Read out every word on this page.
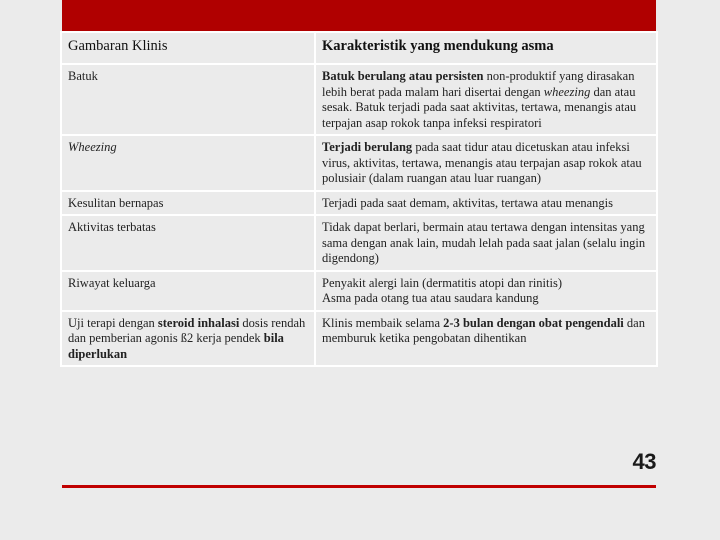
Gambaran Klinis	Karakteristik yang mendukung asma
Batuk	Batuk berulang atau persisten non-produktif yang dirasakan lebih berat pada malam hari disertai dengan wheezing dan atau sesak. Batuk terjadi pada saat aktivitas, tertawa, menangis atau terpajan asap rokok tanpa infeksi respiratori
Wheezing	Terjadi berulang pada saat tidur atau dicetuskan atau infeksi virus, aktivitas, tertawa, menangis atau terpajan asap rokok atau polusiair (dalam ruangan atau luar ruangan)
Kesulitan bernapas	Terjadi pada saat demam, aktivitas, tertawa atau menangis
Aktivitas terbatas	Tidak dapat berlari, bermain atau tertawa dengan intensitas yang sama dengan anak lain, mudah lelah pada saat jalan (selalu ingin digendong)
Riwayat keluarga	Penyakit alergi lain (dermatitis atopi dan rinitis)
Asma pada otang tua atau saudara kandung

Uji terapi dengan steroid inhalasi dosis rendah dan pemberian agonis ß2 kerja pendek bila diperlukan	Klinis membaik selama 2-3 bulan dengan obat pengendali dan memburuk ketika pengobatan dihentikan
43
